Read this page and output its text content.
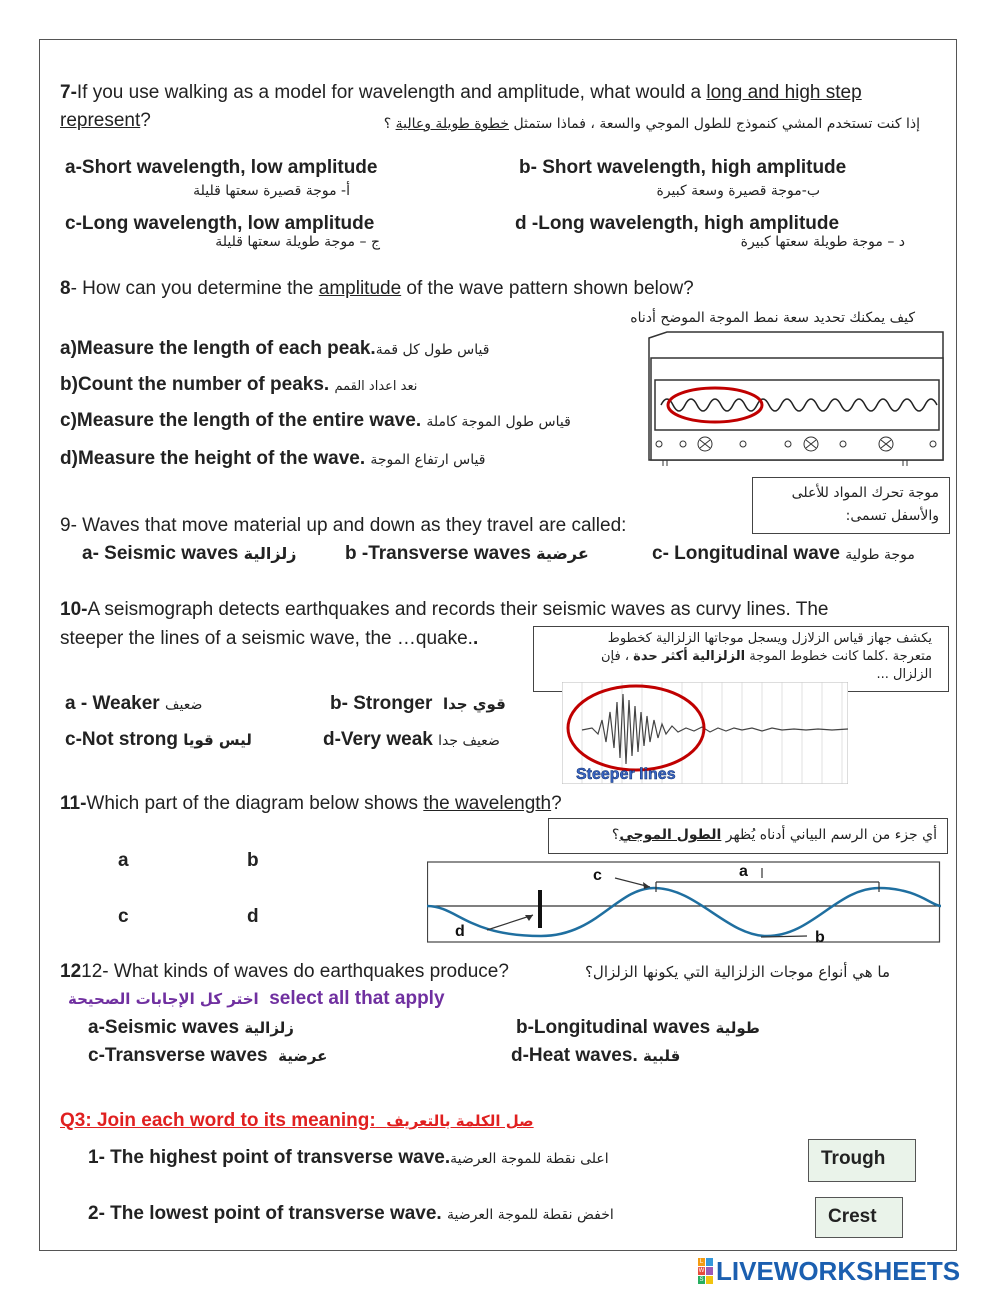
7-If you use walking as a model for wavelength and amplitude, what would a long and high step
represent?	إذا كنت تستخدم المشي كنموذج للطول الموجي والسعة ، فماذا ستمثل خطوة طويلة وعالية ؟
a-Short wavelength, low amplitude
أ- موجة قصيرة سعتها قليلة
b- Short wavelength, high amplitude
ب-موجة قصيرة وسعة كبيرة
c-Long wavelength, low amplitude
ج – موجة طويلة سعتها قليلة
d -Long wavelength, high amplitude
د – موجة طويلة سعتها كبيرة
8- How can you determine the amplitude of the wave pattern shown below?
كيف يمكنك تحديد سعة نمط الموجة الموضح أدناه
a)Measure the length of each peak.قياس طول كل قمة
b)Count the number of peaks. نعد اعداد القمم
c)Measure the length of the entire wave. قياس طول الموجة كاملة
d)Measure the height of the wave. قياس ارتفاع الموجة
موجة تحرك المواد للأعلى
والأسفل تسمى:
9- Waves that move material up and down as they travel are called:
a- Seismic waves زلزالية	b -Transverse waves عرضية	c- Longitudinal wave موجة طولية
10-A seismograph detects earthquakes and records their seismic waves as curvy lines. The
steeper the lines of a seismic wave, the …quake..	يكشف جهاز قياس الزلازل ويسجل موجاتها الزلزالية كخطوط
متعرجة .كلما كانت خطوط الموجة الزلزالية أكثر حدة ، فإن
الزلزال ...
Steeper lines
a - Weaker ضعيف	b- Stronger قوي جدا
c-Not strong ليس قويا	d-Very weak ضعيف جدا
11-Which part of the diagram below shows the wavelength?
أي جزء من الرسم البياني أدناه يُظهر الطول الموجي؟
a	b
c	d
c	a
d	b
1212- What kinds of waves do earthquakes produce?	ما هي أنواع موجات الزلزالية التي يكونها الزلزال؟
اختر كل الإجابات الصحيحة select all that apply
a-Seismic waves زلزالية	b-Longitudinal waves طولية
c-Transverse waves عرضية	d-Heat waves. قلبية
Q3: Join each word to its meaning: صل الكلمة بالتعريف
1- The highest point of transverse wave.اعلى نقطة للموجة العرضية
2- The lowest point of transverse wave. اخفض نقطة للموجة العرضية
Trough
Crest
L
W
S LIVEWORKSHEETS
